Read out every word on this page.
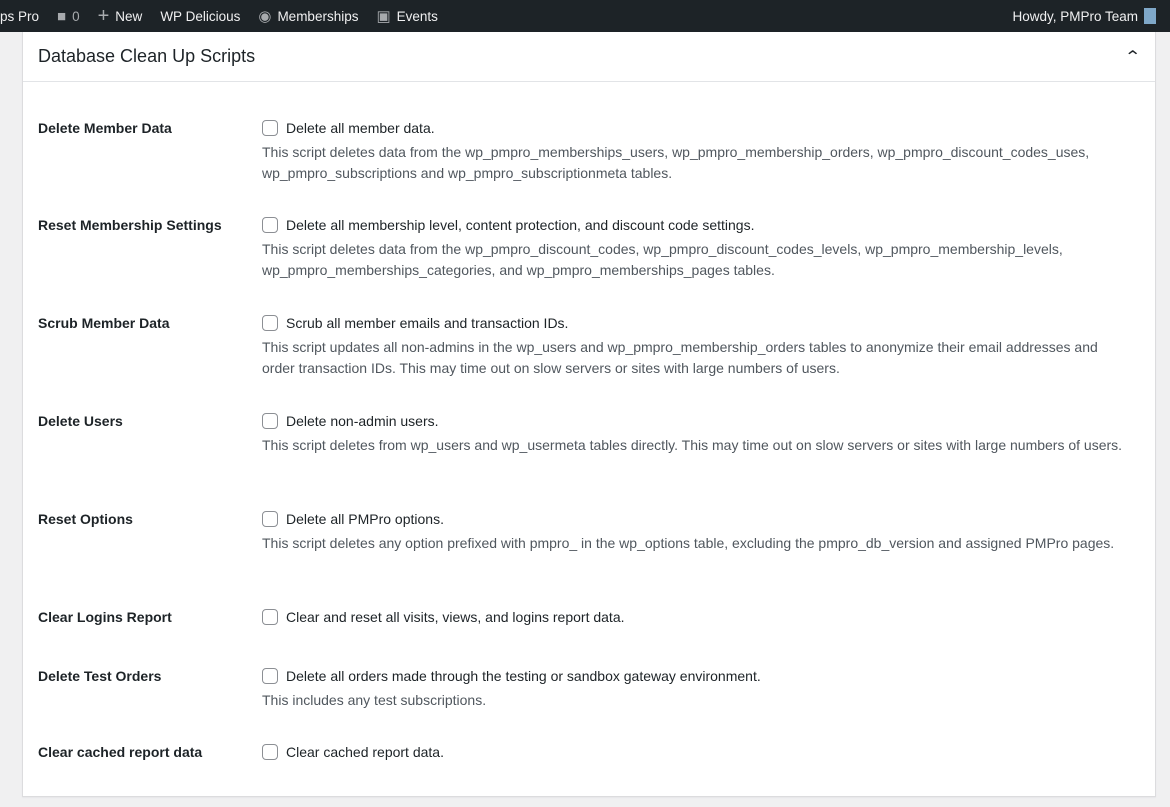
ps Pro ■ 0 + New WP Delicious ◉ Memberships ▣ Events	Howdy, PMPro Team
Database Clean Up Scripts	⌃
Delete Member Data	Delete all member data.

This script deletes data from the wp_pmpro_memberships_users, wp_pmpro_membership_orders, wp_pmpro_discount_codes_uses, wp_pmpro_subscriptions and wp_pmpro_subscriptionmeta tables.

Reset Membership Settings	Delete all membership level, content protection, and discount code settings.

This script deletes data from the wp_pmpro_discount_codes, wp_pmpro_discount_codes_levels, wp_pmpro_membership_levels, wp_pmpro_memberships_categories, and wp_pmpro_memberships_pages tables.

Scrub Member Data	Scrub all member emails and transaction IDs.

This script updates all non-admins in the wp_users and wp_pmpro_membership_orders tables to anonymize their email addresses and order transaction IDs. This may time out on slow servers or sites with large numbers of users.

Delete Users	Delete non-admin users.

This script deletes from wp_users and wp_usermeta tables directly. This may time out on slow servers or sites with large numbers of users.

Reset Options	Delete all PMPro options.

This script deletes any option prefixed with pmpro_ in the wp_options table, excluding the pmpro_db_version and assigned PMPro pages.

Clear Logins Report	Clear and reset all visits, views, and logins report data.
Delete Test Orders	Delete all orders made through the testing or sandbox gateway environment.

This includes any test subscriptions.

Clear cached report data	Clear cached report data.
